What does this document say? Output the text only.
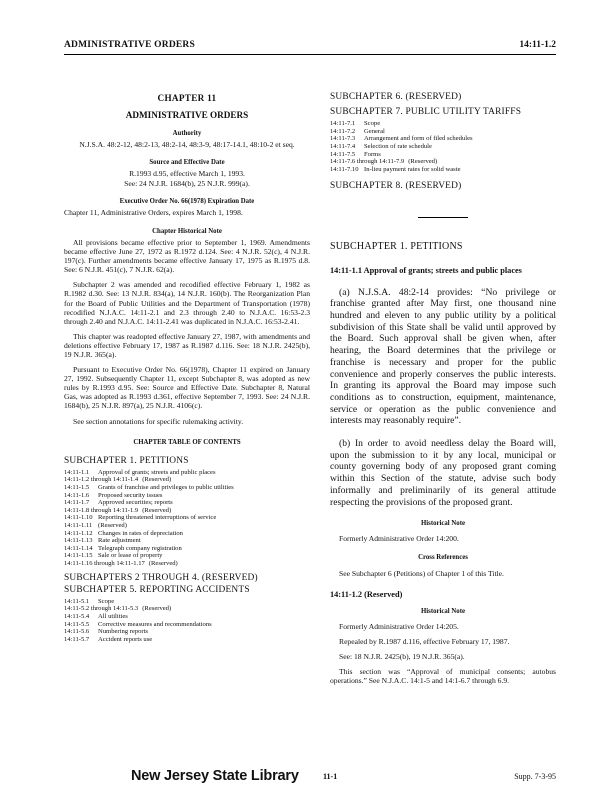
ADMINISTRATIVE ORDERS	14:11-1.2
CHAPTER 11
ADMINISTRATIVE ORDERS
Authority
N.J.S.A. 48:2-12, 48:2-13, 48:2-14, 48:3-9, 48:17-14.1, 48:10-2 et seq.
Source and Effective Date
R.1993 d.95, effective March 1, 1993.
See: 24 N.J.R. 1684(b), 25 N.J.R. 999(a).
Executive Order No. 66(1978) Expiration Date
Chapter 11, Administrative Orders, expires March 1, 1998.
Chapter Historical Note

All provisions became effective prior to September 1, 1969. Amendments became effective June 27, 1972 as R.1972 d.124. See: 4 N.J.R. 52(c), 4 N.J.R. 197(c). Further amendments became effective January 17, 1975 as R.1975 d.8. See: 6 N.J.R. 451(c), 7 N.J.R. 62(a).

Subchapter 2 was amended and recodified effective February 1, 1982 as R.1982 d.30. See: 13 N.J.R. 834(a), 14 N.J.R. 160(b). The Reorganization Plan for the Board of Public Utilities and the Department of Transportation (1978) recodified N.J.A.C. 14:11-2.1 and 2.3 through 2.40 to N.J.A.C. 16:53-2.3 through 2.40 and N.J.A.C. 14:11-2.41 was duplicated in N.J.A.C. 16:53-2.41.

This chapter was readopted effective January 27, 1987, with amendments and deletions effective February 17, 1987 as R.1987 d.116. See: 18 N.J.R. 2425(b), 19 N.J.R. 365(a).

Pursuant to Executive Order No. 66(1978), Chapter 11 expired on January 27, 1992. Subsequently Chapter 11, except Subchapter 8, was adopted as new rules by R.1993 d.95. See: Source and Effective Date. Subchapter 8, Natural Gas, was adopted as R.1993 d.361, effective September 7, 1993. See: 24 N.J.R. 1684(b), 25 N.J.R. 897(a), 25 N.J.R. 4106(c).

See section annotations for specific rulemaking activity.

CHAPTER TABLE OF CONTENTS
SUBCHAPTER 1. PETITIONS
14:11-1.1	Approval of grants; streets and public places
14:11-1.2 through 14:11-1.4 (Reserved)
14:11-1.5	Grants of franchise and privileges to public utilities
14:11-1.6	Proposed security issues
14:11-1.7	Approved securities; reports
14:11-1.8 through 14:11-1.9 (Reserved)
14:11-1.10 Reporting threatened interruptions of service
14:11-1.11 (Reserved)
14:11-1.12 Changes in rates of depreciation
14:11-1.13 Rate adjustment
14:11-1.14 Telegraph company registration
14:11-1.15 Sale or lease of property
14:11-1.16 through 14:11-1.17 (Reserved)
SUBCHAPTERS 2 THROUGH 4. (RESERVED)
SUBCHAPTER 5. REPORTING ACCIDENTS
14:11-5.1	Scope
14:11-5.2 through 14:11-5.3 (Reserved)
14:11-5.4	All utilities
14:11-5.5	Corrective measures and recommendations
14:11-5.6	Numbering reports
14:11-5.7	Accident reports use
SUBCHAPTER 6. (RESERVED)
SUBCHAPTER 7. PUBLIC UTILITY TARIFFS
14:11-7.1	Scope
14:11-7.2	General
14:11-7.3	Arrangement and form of filed schedules
14:11-7.4	Selection of rate schedule
14:11-7.5	Forms
14:11-7.6 through 14:11-7.9 (Reserved)
14:11-7.10 In-lieu payment rates for solid waste
SUBCHAPTER 8. (RESERVED)
SUBCHAPTER 1. PETITIONS
14:11-1.1 Approval of grants; streets and public places

(a) N.J.S.A. 48:2-14 provides: “No privilege or franchise granted after May first, one thousand nine hundred and eleven to any public utility by a political subdivision of this State shall be valid until approved by the Board. Such approval shall be given when, after hearing, the Board determines that the privilege or franchise is necessary and proper for the public convenience and properly conserves the public interests. In granting its approval the Board may impose such conditions as to construction, equipment, maintenance, service or operation as the public convenience and interests may reasonably require”.

(b) In order to avoid needless delay the Board will, upon the submission to it by any local, municipal or county governing body of any proposed grant coming within this Section of the statute, advise such body informally and preliminarily of its general attitude respecting the provisions of the proposed grant.

Historical Note

Formerly Administrative Order 14:200.

Cross References

See Subchapter 6 (Petitions) of Chapter 1 of this Title.

14:11-1.2 (Reserved)
Historical Note

Formerly Administrative Order 14:205.

Repealed by R.1987 d.116, effective February 17, 1987.

See: 18 N.J.R. 2425(b), 19 N.J.R. 365(a).

This section was “Approval of municipal consents; autobus operations.” See N.J.A.C. 14:1-5 and 14:1-6.7 through 6.9.

New Jersey State Library	11-1	Supp. 7-3-95
